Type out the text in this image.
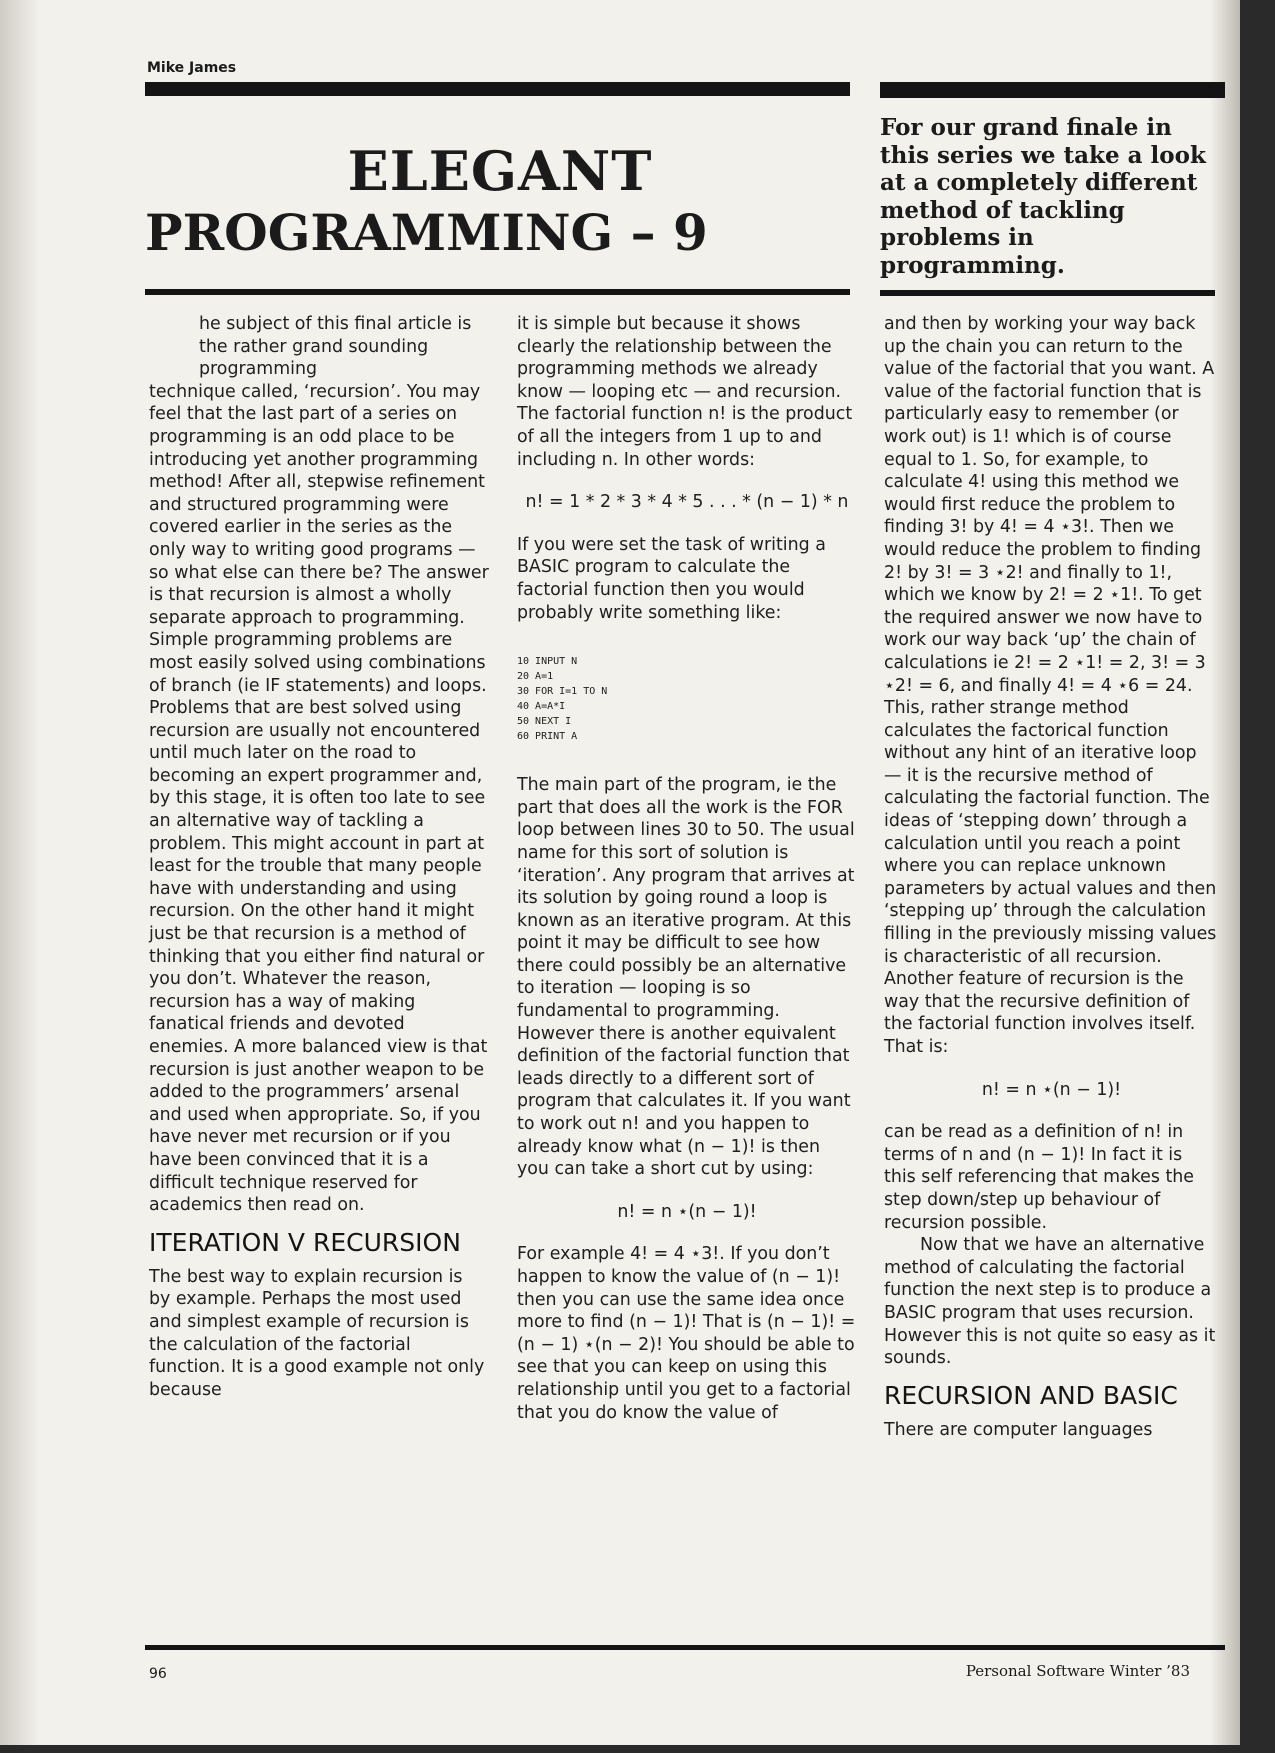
Mike James
ELEGANT
PROGRAMMING – 9
For our grand finale in this series we take a look at a completely different method of tackling problems in programming.

he subject of this final article is the rather grand sounding programming

technique called, ‘recursion’. You may feel that the last part of a series on programming is an odd place to be introducing yet another programming method! After all, stepwise refinement and structured programming were covered earlier in the series as the only way to writing good programs — so what else can there be? The answer is that recursion is almost a wholly separate approach to programming. Simple programming problems are most easily solved using combinations of branch (ie IF statements) and loops. Problems that are best solved using recursion are usually not encountered until much later on the road to becoming an expert programmer and, by this stage, it is often too late to see an alternative way of tackling a problem. This might account in part at least for the trouble that many people have with understanding and using recursion. On the other hand it might just be that recursion is a method of thinking that you either find natural or you don’t. Whatever the reason, recursion has a way of making fanatical friends and devoted enemies. A more balanced view is that recursion is just another weapon to be added to the programmers’ arsenal and used when appropriate. So, if you have never met recursion or if you have been convinced that it is a difficult technique reserved for academics then read on.

ITERATION V RECURSION

The best way to explain recursion is by example. Perhaps the most used and simplest example of recursion is the calculation of the factorial function. It is a good example not only because

it is simple but because it shows clearly the relationship between the programming methods we already know — looping etc — and recursion. The factorial function n! is the product of all the integers from 1 up to and including n. In other words:

n! = 1 * 2 * 3 * 4 * 5 . . . * (n − 1) * n

If you were set the task of writing a BASIC program to calculate the factorial function then you would probably write something like:

10 INPUT N
20 A=1
30 FOR I=1 TO N
40 A=A*I
50 NEXT I
60 PRINT A

The main part of the program, ie the part that does all the work is the FOR loop between lines 30 to 50. The usual name for this sort of solution is ‘iteration’. Any program that arrives at its solution by going round a loop is known as an iterative program. At this point it may be difficult to see how there could possibly be an alternative to iteration — looping is so fundamental to programming. However there is another equivalent definition of the factorial function that leads directly to a different sort of program that calculates it. If you want to work out n! and you happen to already know what (n − 1)! is then you can take a short cut by using:

n! = n ⋆(n − 1)!

For example 4! = 4 ⋆3!. If you don’t happen to know the value of (n − 1)! then you can use the same idea once more to find (n − 1)! That is (n − 1)! = (n − 1) ⋆(n − 2)! You should be able to see that you can keep on using this relationship until you get to a factorial that you do know the value of

and then by working your way back up the chain you can return to the value of the factorial that you want. A value of the factorial function that is particularly easy to remember (or work out) is 1! which is of course equal to 1. So, for example, to calculate 4! using this method we would first reduce the problem to finding 3! by 4! = 4 ⋆3!. Then we would reduce the problem to finding 2! by 3! = 3 ⋆2! and finally to 1!, which we know by 2! = 2 ⋆1!. To get the required answer we now have to work our way back ‘up’ the chain of calculations ie 2! = 2 ⋆1! = 2, 3! = 3 ⋆2! = 6, and finally 4! = 4 ⋆6 = 24. This, rather strange method calculates the factorical function without any hint of an iterative loop — it is the recursive method of calculating the factorial function. The ideas of ‘stepping down’ through a calculation until you reach a point where you can replace unknown parameters by actual values and then ‘stepping up’ through the calculation filling in the previously missing values is characteristic of all recursion. Another feature of recursion is the way that the recursive definition of the factorial function involves itself. That is:

n! = n ⋆(n − 1)!

can be read as a definition of n! in terms of n and (n − 1)! In fact it is this self referencing that makes the step down/step up behaviour of recursion possible.

Now that we have an alternative method of calculating the factorial function the next step is to produce a BASIC program that uses recursion. However this is not quite so easy as it sounds.

RECURSION AND BASIC

There are computer languages

96	Personal Software Winter ’83
